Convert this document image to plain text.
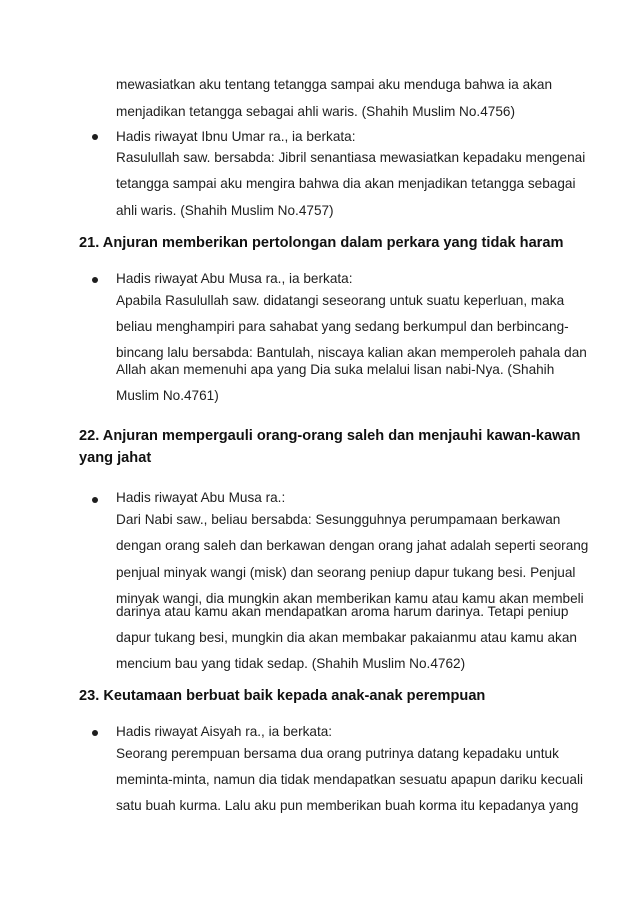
mewasiatkan aku tentang tetangga sampai aku menduga bahwa ia akan
menjadikan tetangga sebagai ahli waris. (Shahih Muslim No.4756)
Hadis riwayat Ibnu Umar ra., ia berkata:
Rasulullah saw. bersabda: Jibril senantiasa mewasiatkan kepadaku mengenai
tetangga sampai aku mengira bahwa dia akan menjadikan tetangga sebagai
ahli waris. (Shahih Muslim No.4757)
21. Anjuran memberikan pertolongan dalam perkara yang tidak haram
Hadis riwayat Abu Musa ra., ia berkata:
Apabila Rasulullah saw. didatangi seseorang untuk suatu keperluan, maka
beliau menghampiri para sahabat yang sedang berkumpul dan berbincang-
bincang lalu bersabda: Bantulah, niscaya kalian akan memperoleh pahala dan
Allah akan memenuhi apa yang Dia suka melalui lisan nabi-Nya. (Shahih
Muslim No.4761)
22. Anjuran mempergauli orang-orang saleh dan menjauhi kawan-kawan
yang jahat
Hadis riwayat Abu Musa ra.:
Dari Nabi saw., beliau bersabda: Sesungguhnya perumpamaan berkawan
dengan orang saleh dan berkawan dengan orang jahat adalah seperti seorang
penjual minyak wangi (misk) dan seorang peniup dapur tukang besi. Penjual
minyak wangi, dia mungkin akan memberikan kamu atau kamu akan membeli
darinya atau kamu akan mendapatkan aroma harum darinya. Tetapi peniup
dapur tukang besi, mungkin dia akan membakar pakaianmu atau kamu akan
mencium bau yang tidak sedap. (Shahih Muslim No.4762)
23. Keutamaan berbuat baik kepada anak-anak perempuan
Hadis riwayat Aisyah ra., ia berkata:
Seorang perempuan bersama dua orang putrinya datang kepadaku untuk
meminta-minta, namun dia tidak mendapatkan sesuatu apapun dariku kecuali
satu buah kurma. Lalu aku pun memberikan buah korma itu kepadanya yang
